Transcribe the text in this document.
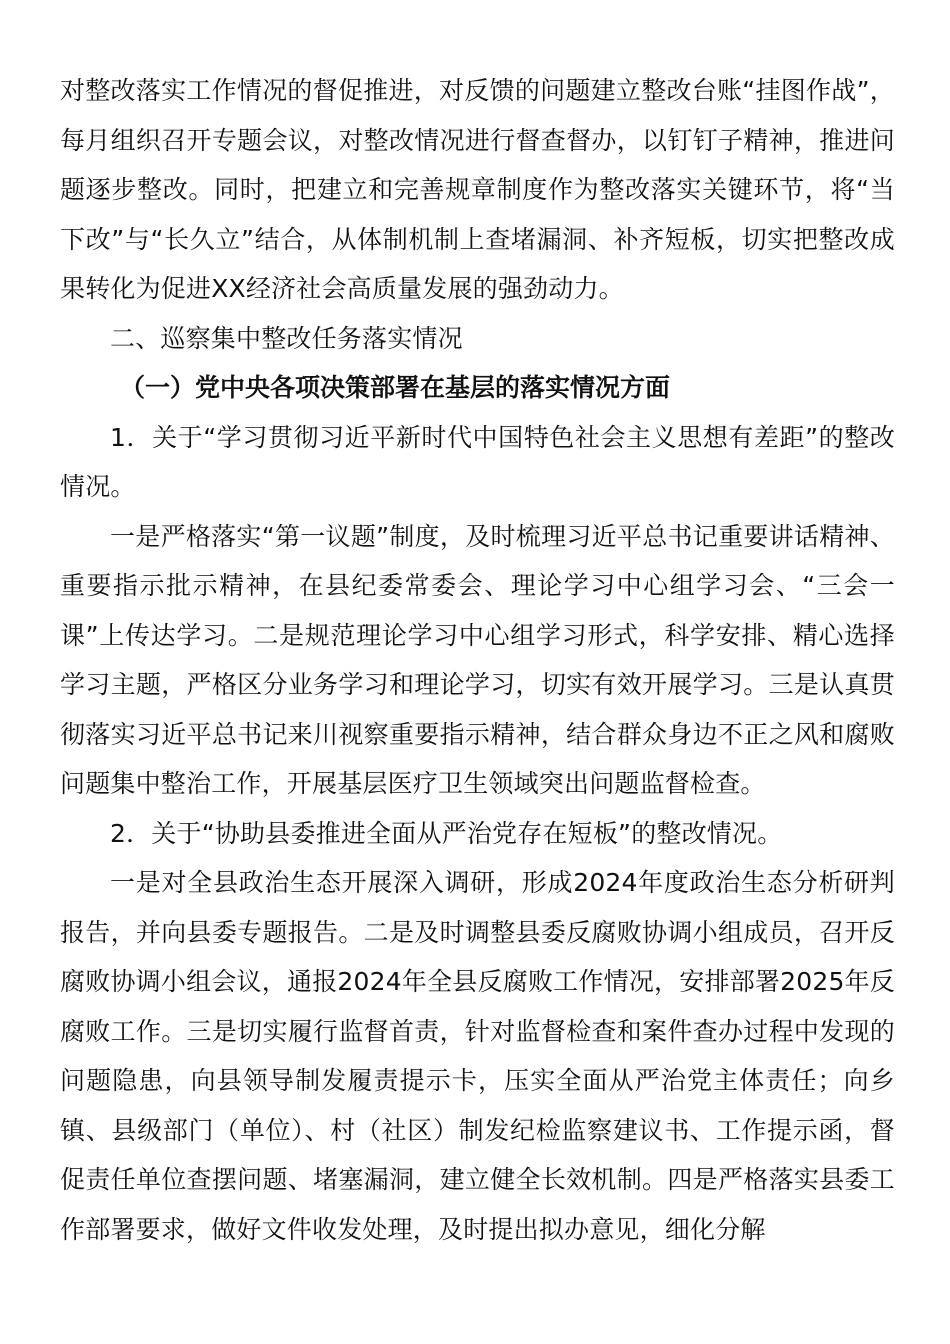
对整改落实工作情况的督促推进，对反馈的问题建立整改台账“挂图作战”，每月组织召开专题会议，对整改情况进行督查督办，以钉钉子精神，推进问题逐步整改。同时，把建立和完善规章制度作为整改落实关键环节，将“当下改”与“长久立”结合，从体制机制上查堵漏洞、补齐短板，切实把整改成果转化为促进XX经济社会高质量发展的强劲动力。

二、巡察集中整改任务落实情况

（一）党中央各项决策部署在基层的落实情况方面

1．关于“学习贯彻习近平新时代中国特色社会主义思想有差距”的整改情况。

一是严格落实“第一议题”制度，及时梳理习近平总书记重要讲话精神、重要指示批示精神，在县纪委常委会、理论学习中心组学习会、“三会一课”上传达学习。二是规范理论学习中心组学习形式，科学安排、精心选择学习主题，严格区分业务学习和理论学习，切实有效开展学习。三是认真贯彻落实习近平总书记来川视察重要指示精神，结合群众身边不正之风和腐败问题集中整治工作，开展基层医疗卫生领域突出问题监督检查。

2．关于“协助县委推进全面从严治党存在短板”的整改情况。

一是对全县政治生态开展深入调研，形成2024年度政治生态分析研判报告，并向县委专题报告。二是及时调整县委反腐败协调小组成员，召开反腐败协调小组会议，通报2024年全县反腐败工作情况，安排部署2025年反腐败工作。三是切实履行监督首责，针对监督检查和案件查办过程中发现的问题隐患，向县领导制发履责提示卡，压实全面从严治党主体责任；向乡镇、县级部门（单位）、村（社区）制发纪检监察建议书、工作提示函，督促责任单位查摆问题、堵塞漏洞，建立健全长效机制。四是严格落实县委工作部署要求，做好文件收发处理，及时提出拟办意见，细化分解
